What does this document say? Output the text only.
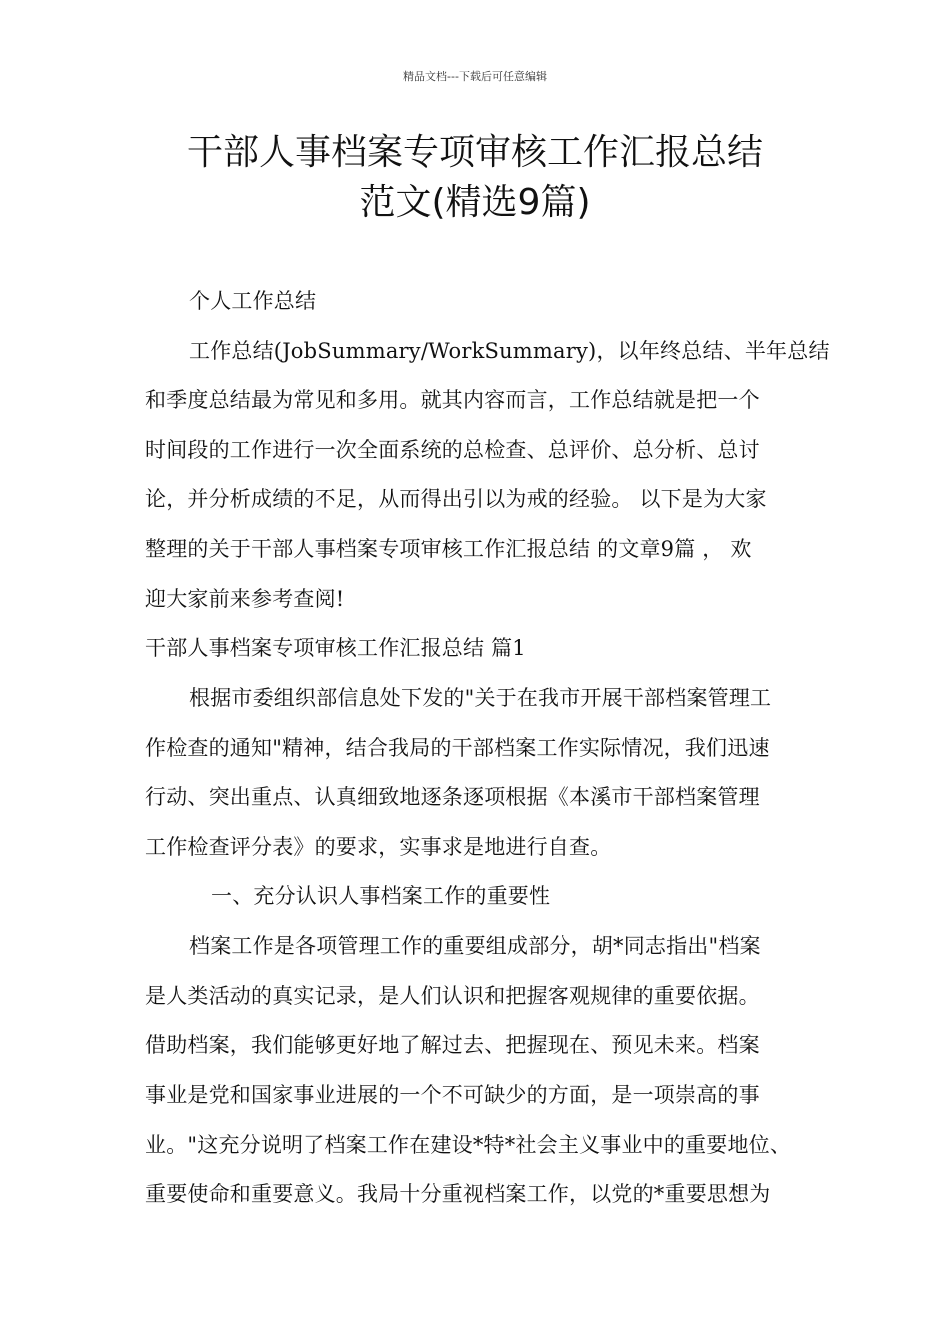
精品文档---下载后可任意编辑
干部人事档案专项审核工作汇报总结
范文(精选9篇)
个人工作总结
工作总结(JobSummary/WorkSummary)，以年终总结、半年总结
和季度总结最为常见和多用。就其内容而言，工作总结就是把一个
时间段的工作进行一次全面系统的总检查、总评价、总分析、总讨
论，并分析成绩的不足，从而得出引以为戒的经验。 以下是为大家
整理的关于干部人事档案专项审核工作汇报总结 的文章9篇 ， 欢
迎大家前来参考查阅!
干部人事档案专项审核工作汇报总结 篇1
根据市委组织部信息处下发的"关于在我市开展干部档案管理工
作检查的通知"精神，结合我局的干部档案工作实际情况，我们迅速
行动、突出重点、认真细致地逐条逐项根据《本溪市干部档案管理
工作检查评分表》的要求，实事求是地进行自查。
一、充分认识人事档案工作的重要性
档案工作是各项管理工作的重要组成部分，胡*同志指出"档案
是人类活动的真实记录，是人们认识和把握客观规律的重要依据。
借助档案，我们能够更好地了解过去、把握现在、预见未来。档案
事业是党和国家事业进展的一个不可缺少的方面，是一项崇高的事
业。"这充分说明了档案工作在建设*特*社会主义事业中的重要地位、
重要使命和重要意义。我局十分重视档案工作，以党的*重要思想为
